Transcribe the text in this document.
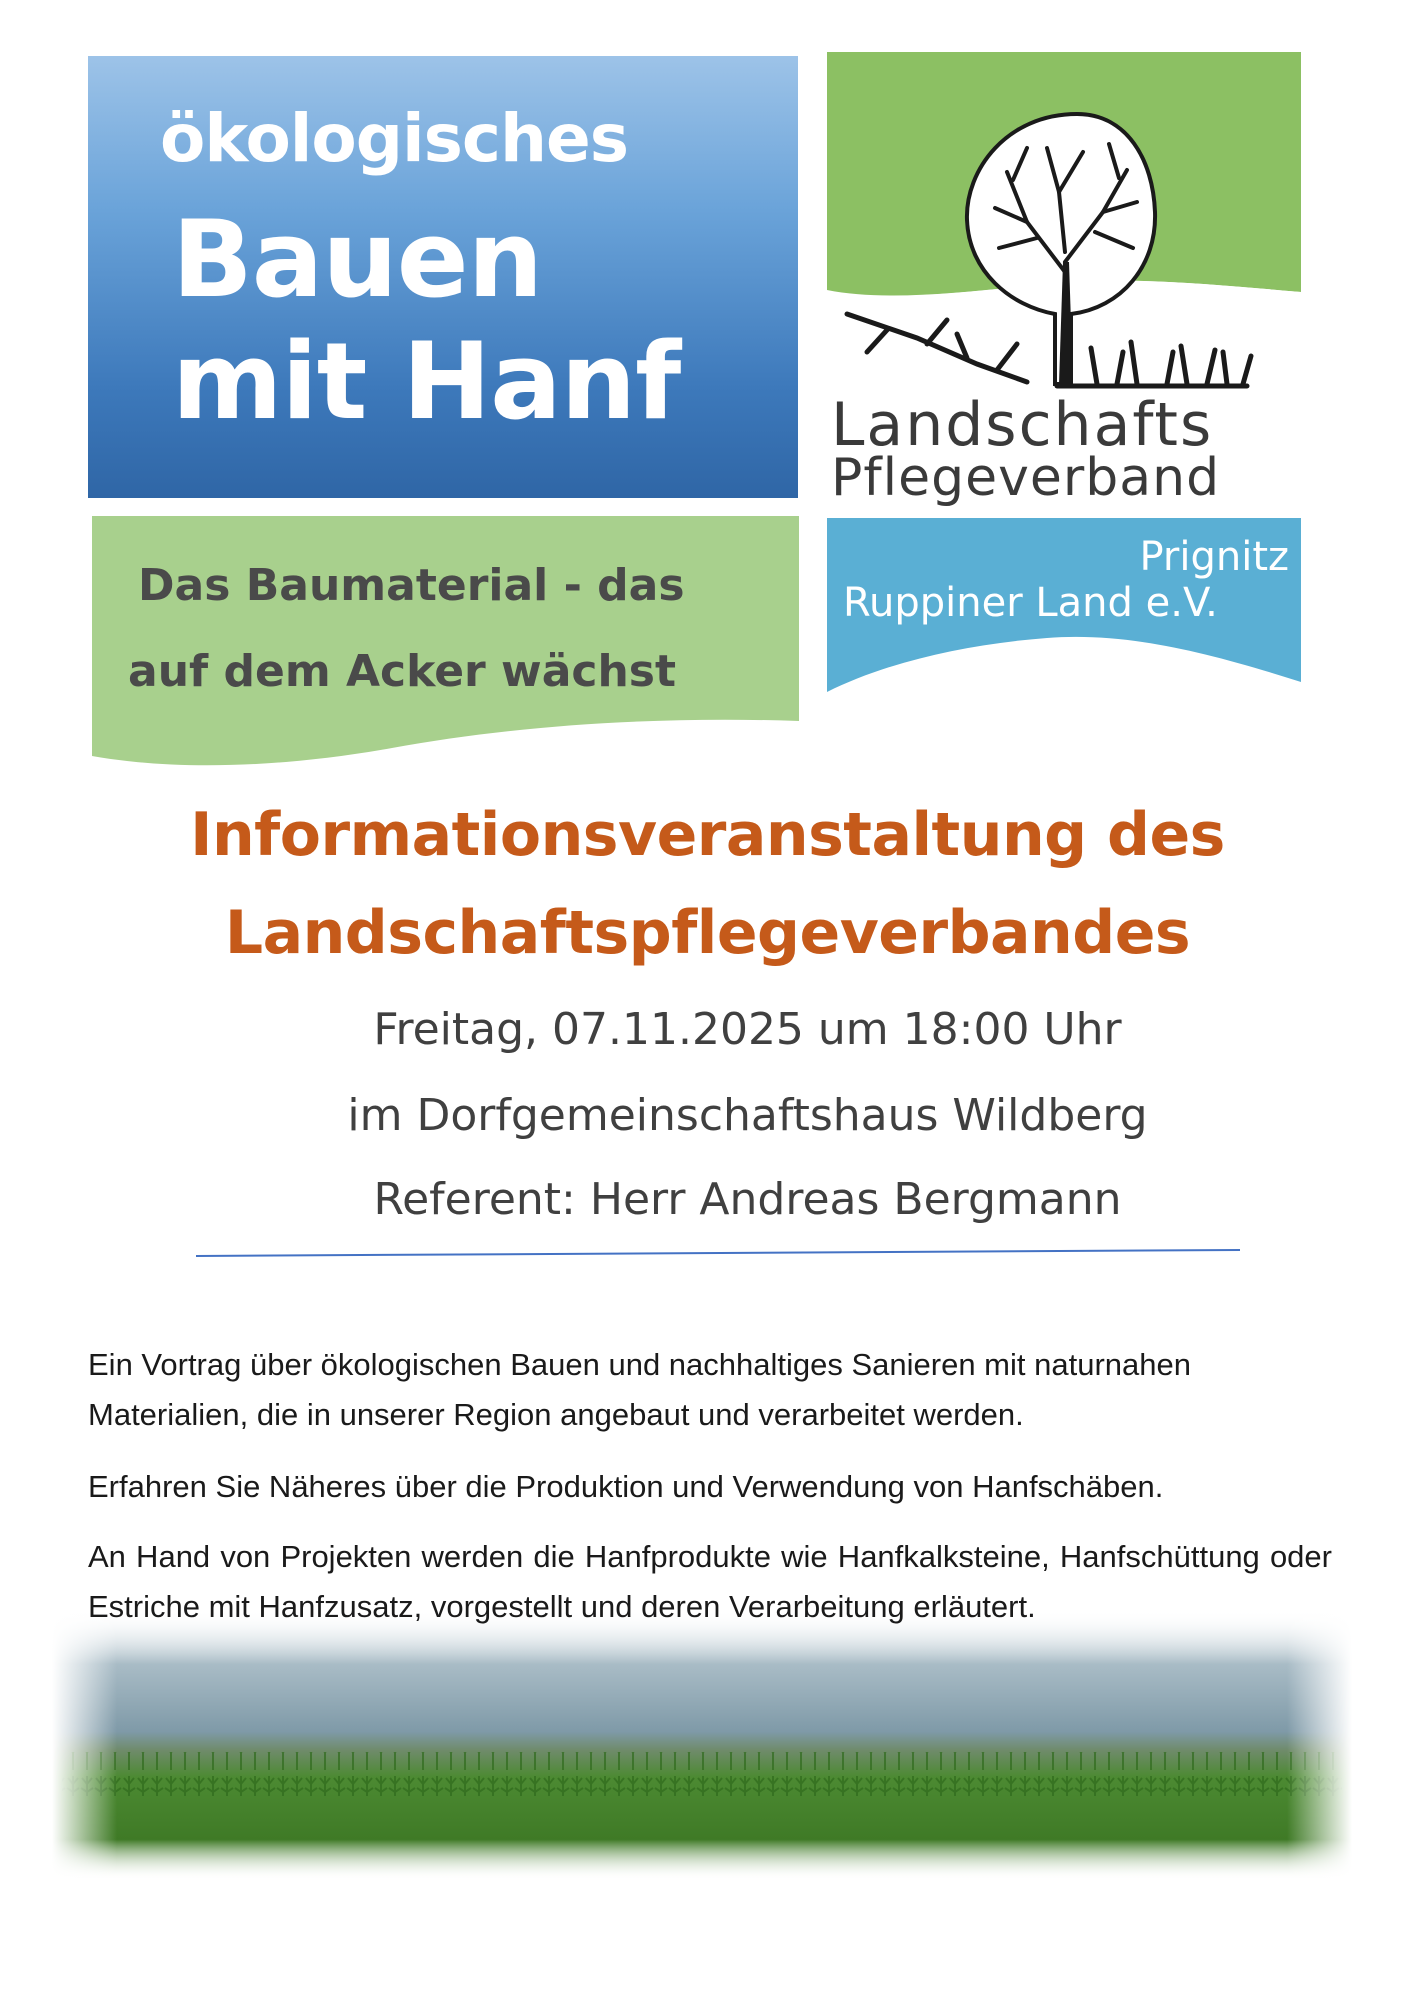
ökologisches
Bauen
mit Hanf
Das Baumaterial - das
auf dem Acker wächst
Landschafts
Pflegeverband
Prignitz
Ruppiner Land e.V.
Informationsveranstaltung des
Landschaftspflegeverbandes
Freitag, 07.11.2025 um 18:00 Uhr
im Dorfgemeinschaftshaus Wildberg
Referent: Herr Andreas Bergmann
Ein Vortrag über ökologischen Bauen und nachhaltiges Sanieren mit naturnahen Materialien, die in unserer Region angebaut und verarbeitet werden.
Erfahren Sie Näheres über die Produktion und Verwendung von Hanfschäben.
An Hand von Projekten werden die Hanfprodukte wie Hanfkalksteine, Hanfschüttung oder Estriche mit Hanfzusatz, vorgestellt und deren Verarbeitung erläutert.
